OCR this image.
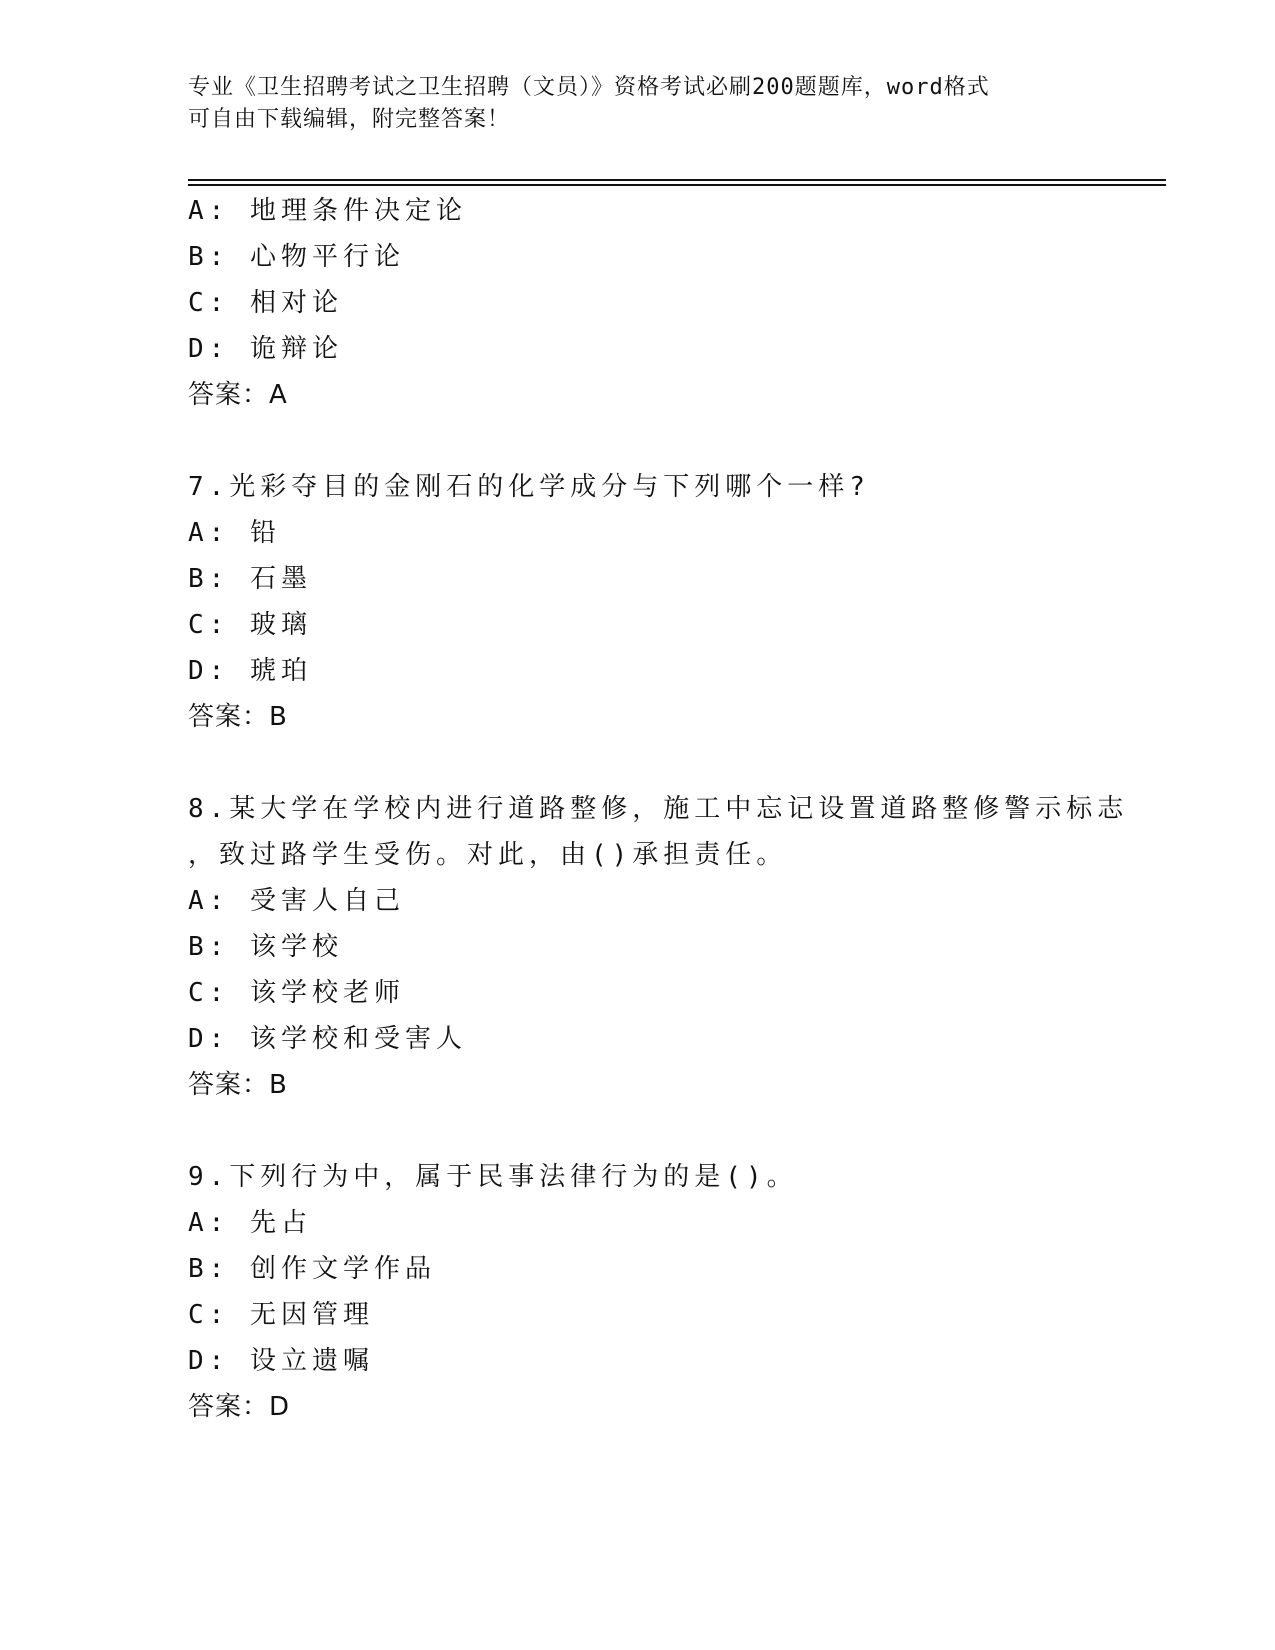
专业《卫生招聘考试之卫生招聘（文员）》资格考试必刷200题题库，word格式
可自由下载编辑，附完整答案！
A: 地理条件决定论
B: 心物平行论
C: 相对论
D: 诡辩论
答案：A
7.光彩夺目的金刚石的化学成分与下列哪个一样?
A: 铅
B: 石墨
C: 玻璃
D: 琥珀
答案：B
8.某大学在学校内进行道路整修，施工中忘记设置道路整修警示标志
，致过路学生受伤。对此，由()承担责任。
A: 受害人自己
B: 该学校
C: 该学校老师
D: 该学校和受害人
答案：B
9.下列行为中，属于民事法律行为的是()。
A: 先占
B: 创作文学作品
C: 无因管理
D: 设立遗嘱
答案：D
